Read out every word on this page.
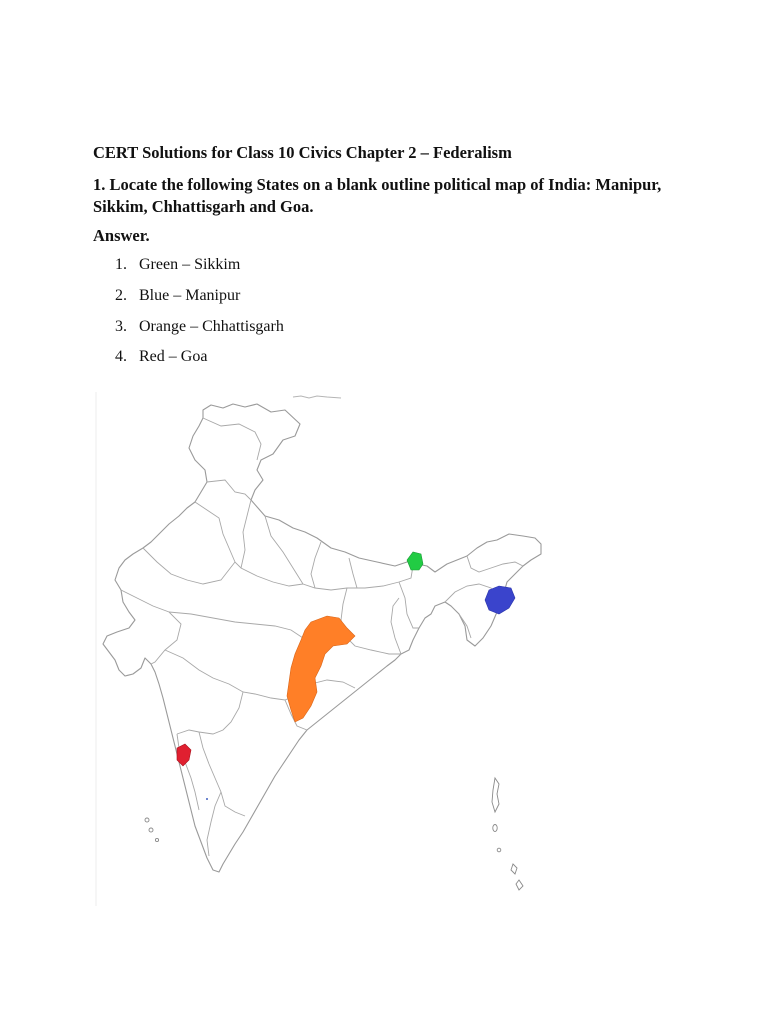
CERT Solutions for Class 10 Civics Chapter 2 – Federalism

1. Locate the following States on a blank outline political map of India: Manipur, Sikkim, Chhattisgarh and Goa.

Answer.

1. Green – Sikkim
2. Blue – Manipur
3. Orange – Chhattisgarh
4. Red – Goa
